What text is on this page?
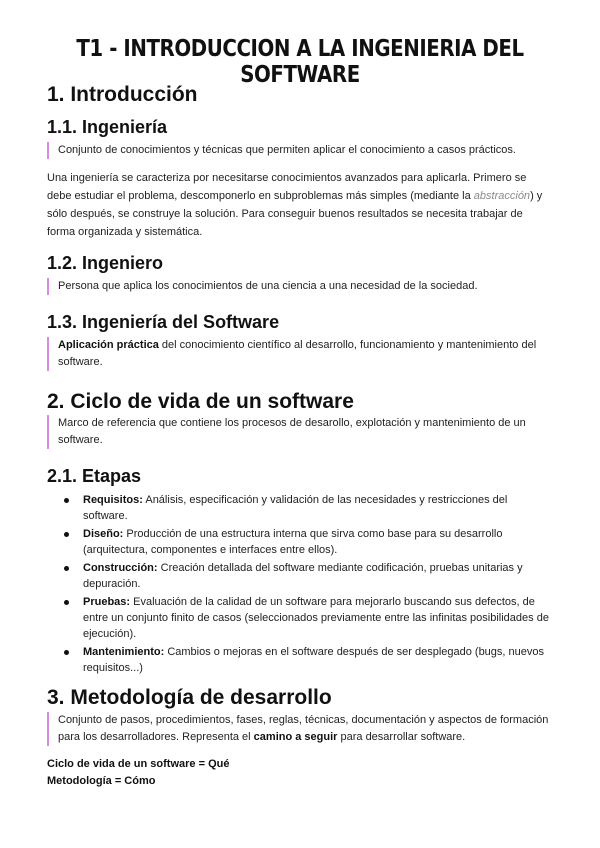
T1 - INTRODUCCION A LA INGENIERIA DEL SOFTWARE
1. Introducción
1.1. Ingeniería
Conjunto de conocimientos y técnicas que permiten aplicar el conocimiento a casos prácticos.
Una ingeniería se caracteriza por necesitarse conocimientos avanzados para aplicarla. Primero se debe estudiar el problema, descomponerlo en subproblemas más simples (mediante la abstracción) y sólo después, se construye la solución. Para conseguir buenos resultados se necesita trabajar de forma organizada y sistemática.
1.2. Ingeniero
Persona que aplica los conocimientos de una ciencia a una necesidad de la sociedad.
1.3. Ingeniería del Software
Aplicación práctica del conocimiento científico al desarrollo, funcionamiento y mantenimiento del software.
2. Ciclo de vida de un software
Marco de referencia que contiene los procesos de desarollo, explotación y mantenimiento de un software.
2.1. Etapas
Requisitos: Análisis, especificación y validación de las necesidades y restricciones del software.
Diseño: Producción de una estructura interna que sirva como base para su desarrollo (arquitectura, componentes e interfaces entre ellos).
Construcción: Creación detallada del software mediante codificación, pruebas unitarias y depuración.
Pruebas: Evaluación de la calidad de un software para mejorarlo buscando sus defectos, de entre un conjunto finito de casos (seleccionados previamente entre las infinitas posibilidades de ejecución).
Mantenimiento: Cambios o mejoras en el software después de ser desplegado (bugs, nuevos requisitos...)
3. Metodología de desarrollo
Conjunto de pasos, procedimientos, fases, reglas, técnicas, documentación y aspectos de formación para los desarrolladores. Representa el camino a seguir para desarrollar software.
Ciclo de vida de un software = Qué
Metodología = Cómo
